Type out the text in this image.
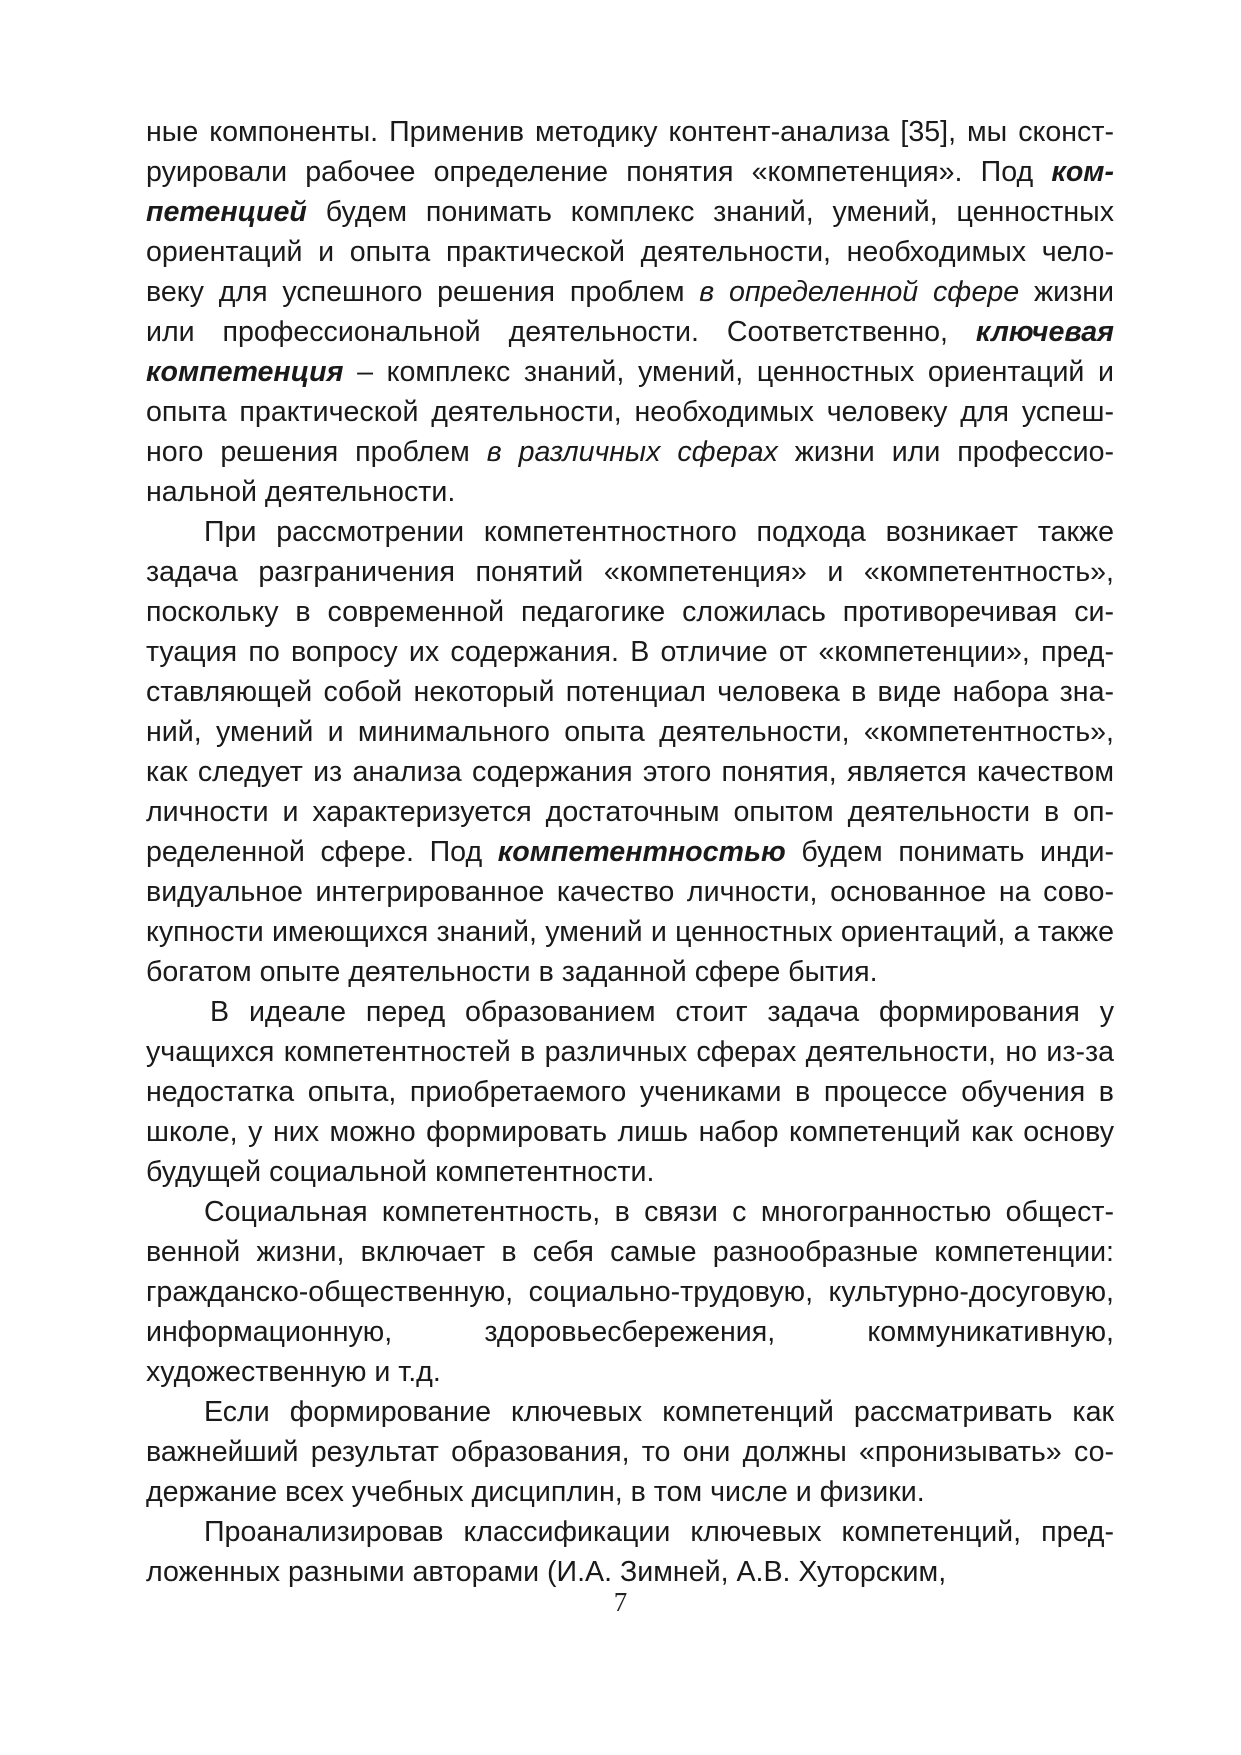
ные компоненты. Применив методику контент-анализа [35], мы сконструировали рабочее определение понятия «компетенция». Под компетенцией будем понимать комплекс знаний, умений, ценностных ориентаций и опыта практической деятельности, необходимых человеку для успешного решения проблем в определенной сфере жизни или профессиональной деятельности. Соответственно, ключевая компетенция – комплекс знаний, умений, ценностных ориентаций и опыта практической деятельности, необходимых человеку для успешного решения проблем в различных сферах жизни или профессиональной деятельности.

При рассмотрении компетентностного подхода возникает также задача разграничения понятий «компетенция» и «компетентность», поскольку в современной педагогике сложилась противоречивая ситуация по вопросу их содержания. В отличие от «компетенции», представляющей собой некоторый потенциал человека в виде набора знаний, умений и минимального опыта деятельности, «компетентность», как следует из анализа содержания этого понятия, является качеством личности и характеризуется достаточным опытом деятельности в определенной сфере. Под компетентностью будем понимать индивидуальное интегрированное качество личности, основанное на совокупности имеющихся знаний, умений и ценностных ориентаций, а также богатом опыте деятельности в заданной сфере бытия.

В идеале перед образованием стоит задача формирования у учащихся компетентностей в различных сферах деятельности, но из-за недостатка опыта, приобретаемого учениками в процессе обучения в школе, у них можно формировать лишь набор компетенций как основу будущей социальной компетентности.

Социальная компетентность, в связи с многогранностью общественной жизни, включает в себя самые разнообразные компетенции: гражданско-общественную, социально-трудовую, культурно-досуговую, информационную, здоровьесбережения, коммуникативную, художественную и т.д.

Если формирование ключевых компетенций рассматривать как важнейший результат образования, то они должны «пронизывать» содержание всех учебных дисциплин, в том числе и физики.

Проанализировав классификации ключевых компетенций, предложенных разными авторами (И.А. Зимней, А.В. Хуторским,

7
